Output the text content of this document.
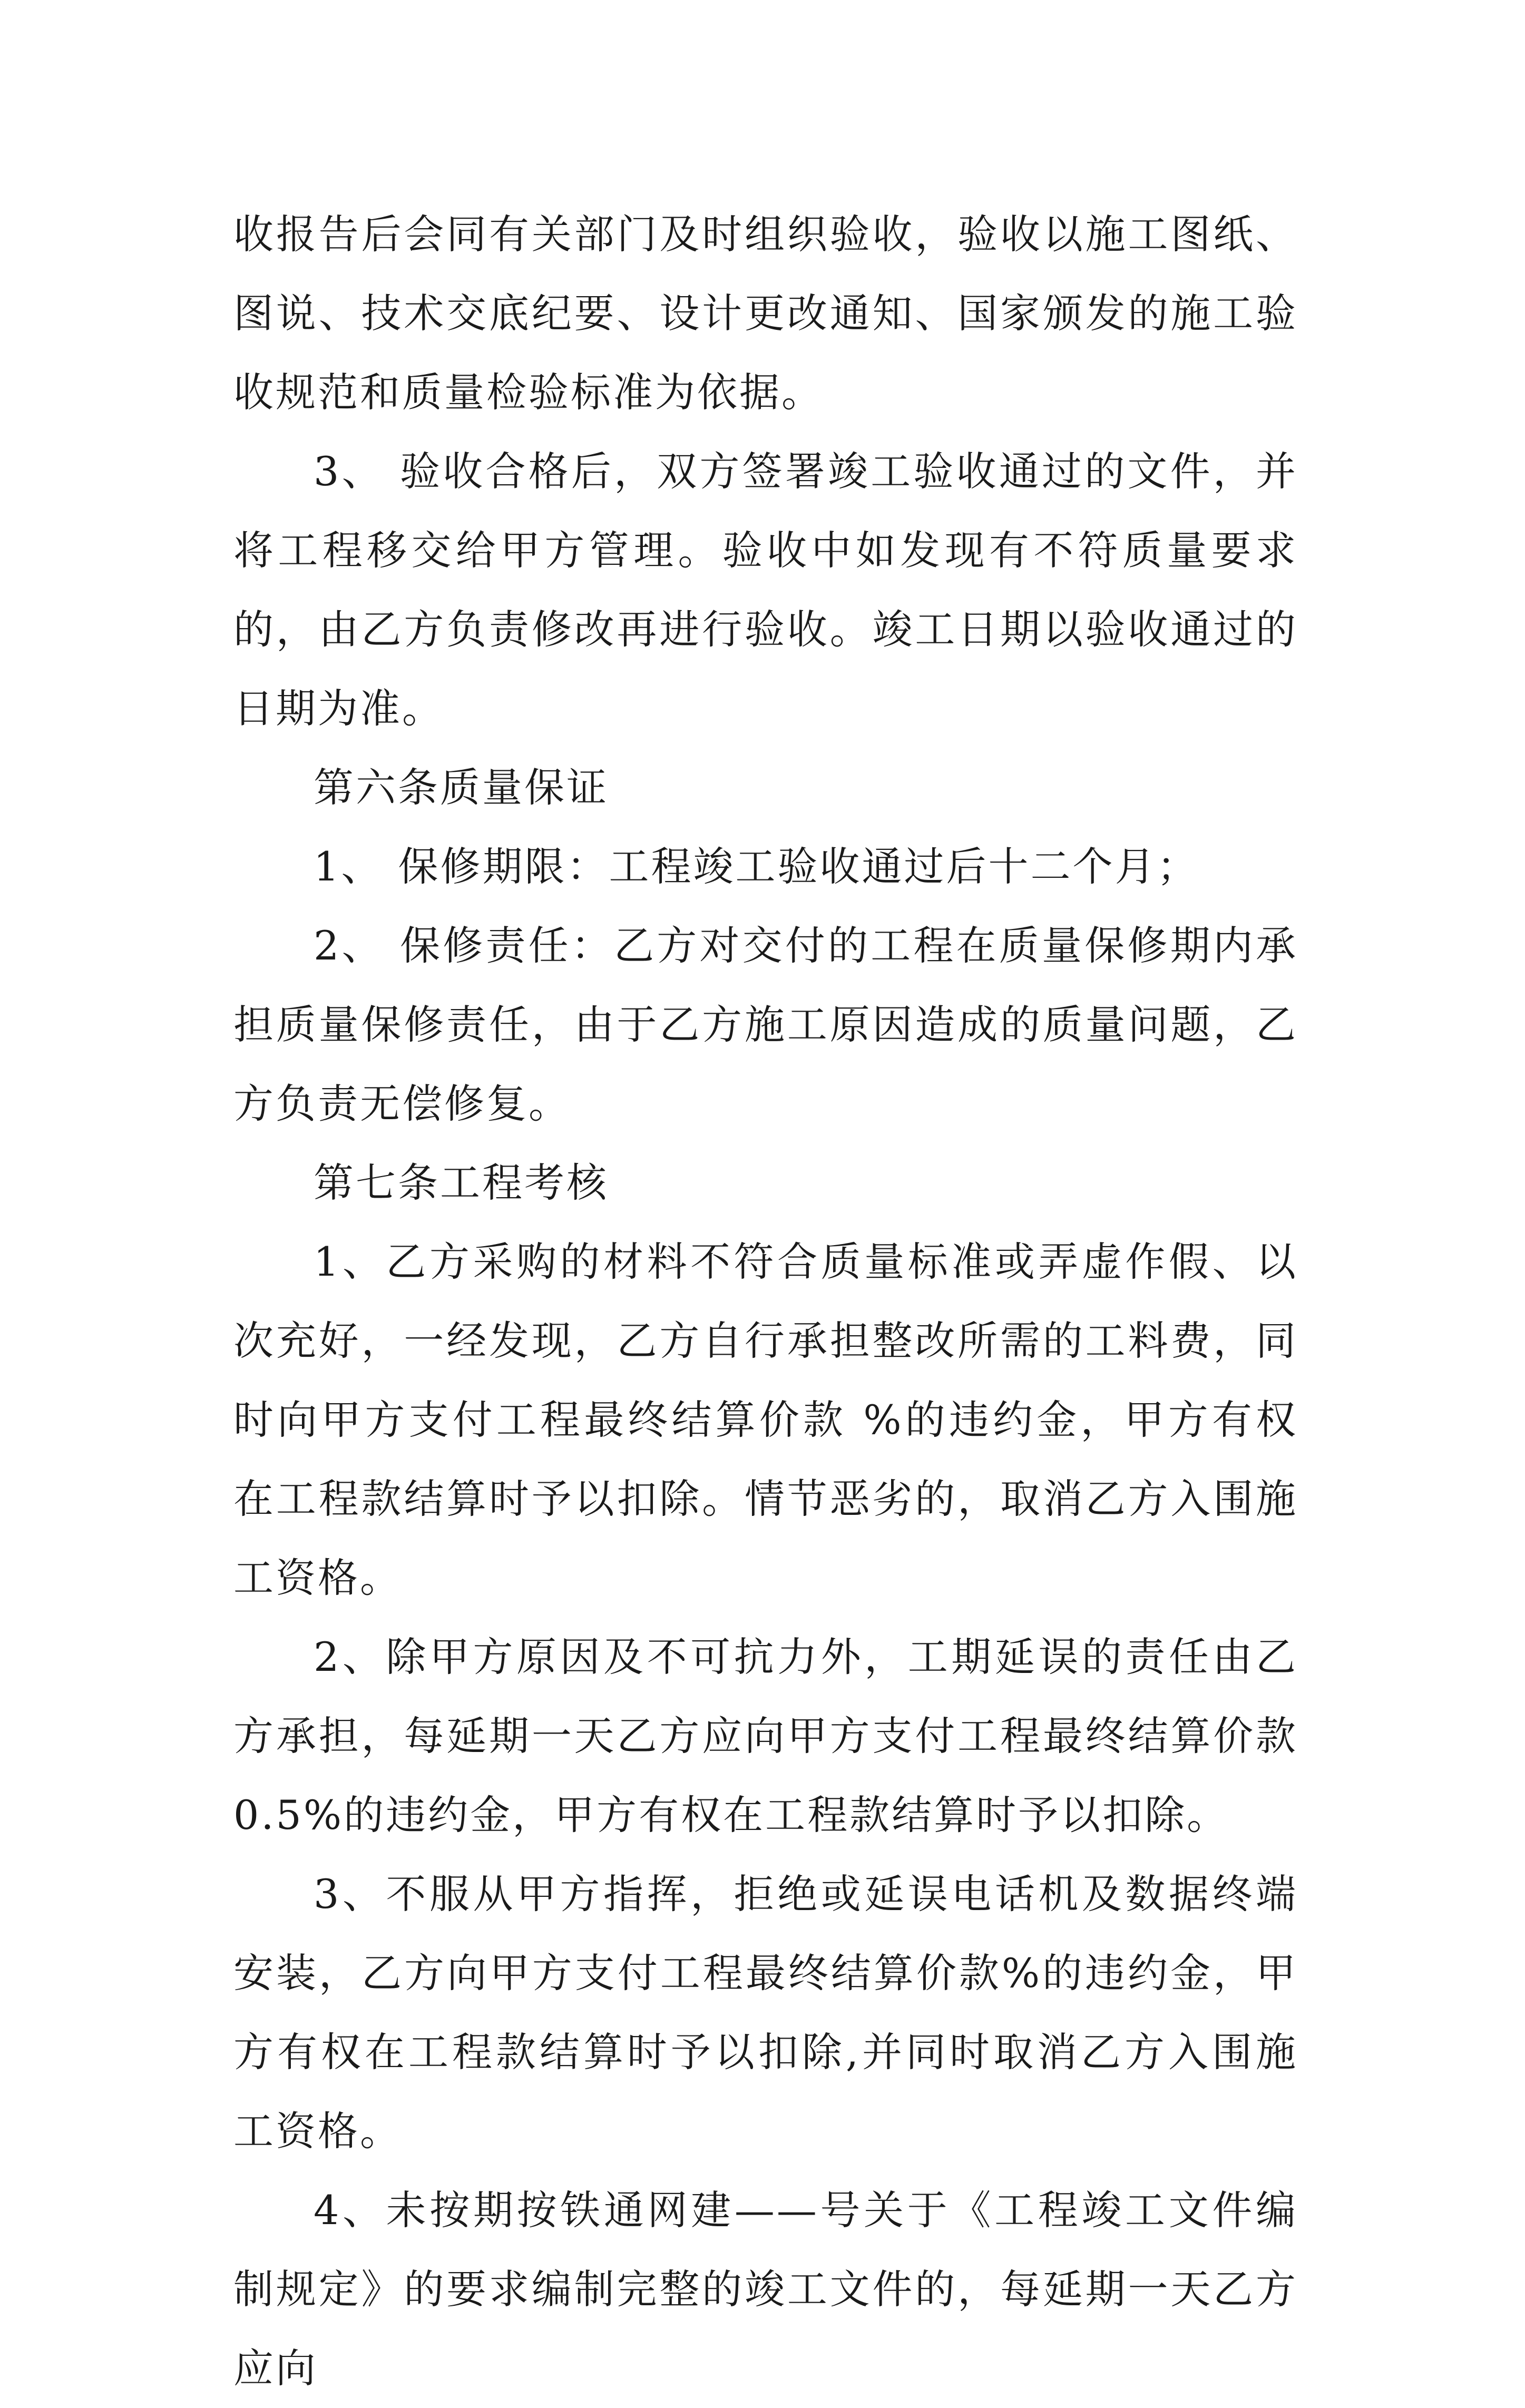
收报告后会同有关部门及时组织验收，验收以施工图纸、图说、技术交底纪要、设计更改通知、国家颁发的施工验收规范和质量检验标准为依据。

3、 验收合格后，双方签署竣工验收通过的文件，并将工程移交给甲方管理。验收中如发现有不符质量要求的，由乙方负责修改再进行验收。竣工日期以验收通过的日期为准。

第六条质量保证

1、 保修期限：工程竣工验收通过后十二个月；

2、 保修责任：乙方对交付的工程在质量保修期内承担质量保修责任，由于乙方施工原因造成的质量问题，乙方负责无偿修复。

第七条工程考核

1、乙方采购的材料不符合质量标准或弄虚作假、以次充好，一经发现，乙方自行承担整改所需的工料费，同时向甲方支付工程最终结算价款 %的违约金，甲方有权在工程款结算时予以扣除。情节恶劣的，取消乙方入围施工资格。

2、除甲方原因及不可抗力外，工期延误的责任由乙方承担，每延期一天乙方应向甲方支付工程最终结算价款 0.5%的违约金，甲方有权在工程款结算时予以扣除。

3、不服从甲方指挥，拒绝或延误电话机及数据终端安装，乙方向甲方支付工程最终结算价款%的违约金，甲方有权在工程款结算时予以扣除,并同时取消乙方入围施工资格。

4、未按期按铁通网建——号关于《工程竣工文件编制规定》的要求编制完整的竣工文件的，每延期一天乙方应向
